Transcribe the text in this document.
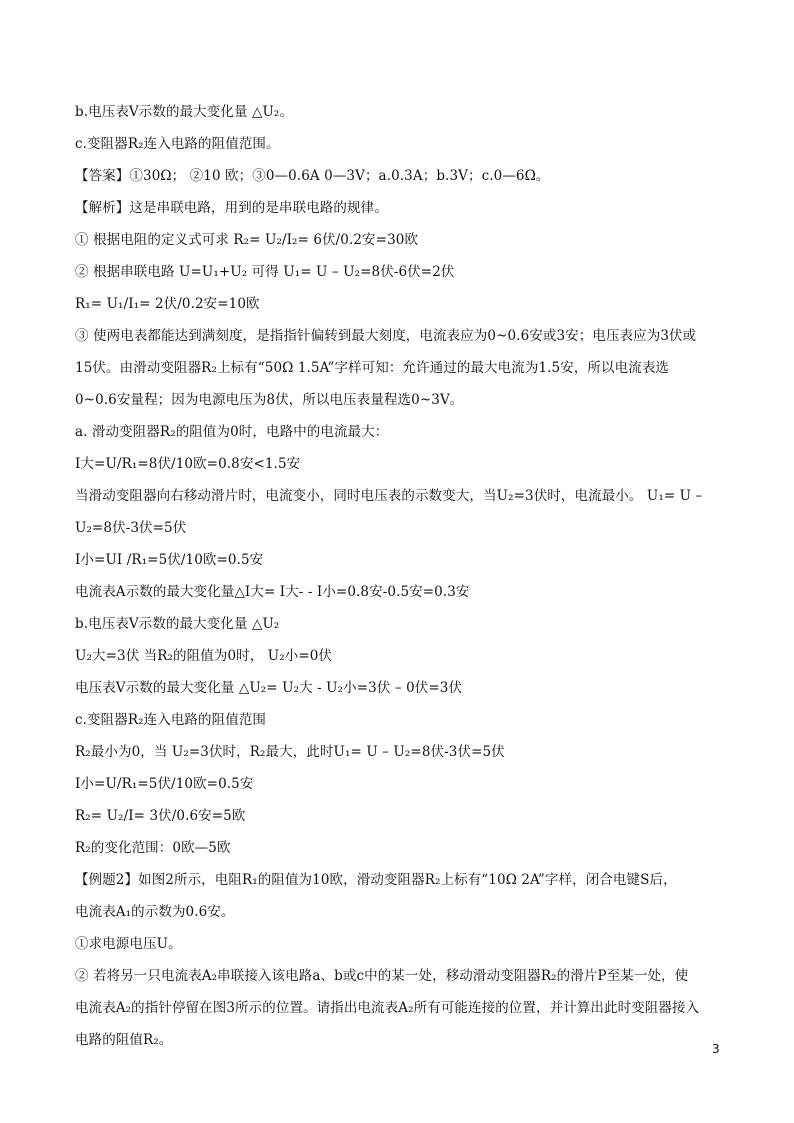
b.电压表V示数的最大变化量 △U₂。
c.变阻器R₂连入电路的阻值范围。
【答案】①30Ω； ②10 欧；③0—0.6A 0—3V；a.0.3A；b.3V；c.0—6Ω。
【解析】这是串联电路，用到的是串联电路的规律。
① 根据电阻的定义式可求 R₂= U₂/I₂= 6伏/0.2安=30欧
② 根据串联电路 U=U₁+U₂ 可得 U₁= U – U₂=8伏-6伏=2伏
R₁= U₁/I₁= 2伏/0.2安=10欧
③ 使两电表都能达到满刻度，是指指针偏转到最大刻度，电流表应为0~0.6安或3安；电压表应为3伏或
15伏。由滑动变阻器R₂上标有“50Ω 1.5A”字样可知：允许通过的最大电流为1.5安，所以电流表选
0~0.6安量程；因为电源电压为8伏，所以电压表量程选0~3V。
a. 滑动变阻器R₂的阻值为0时，电路中的电流最大：
I大=U/R₁=8伏/10欧=0.8安<1.5安
当滑动变阻器向右移动滑片时，电流变小，同时电压表的示数变大，当U₂=3伏时，电流最小。 U₁= U –
U₂=8伏-3伏=5伏
I小=UI /R₁=5伏/10欧=0.5安
电流表A示数的最大变化量△I大= I大- - I小=0.8安-0.5安=0.3安
b.电压表V示数的最大变化量 △U₂
U₂大=3伏 当R₂的阻值为0时， U₂小=0伏
电压表V示数的最大变化量 △U₂= U₂大 - U₂小=3伏 – 0伏=3伏
c.变阻器R₂连入电路的阻值范围
R₂最小为0，当 U₂=3伏时，R₂最大，此时U₁= U – U₂=8伏-3伏=5伏
I小=U/R₁=5伏/10欧=0.5安
R₂= U₂/I= 3伏/0.6安=5欧
R₂的变化范围：0欧—5欧
【例题2】如图2所示，电阻R₁的阻值为10欧，滑动变阻器R₂上标有“10Ω 2A”字样，闭合电键S后，
电流表A₁的示数为0.6安。
①求电源电压U。
② 若将另一只电流表A₂串联接入该电路a、b或c中的某一处，移动滑动变阻器R₂的滑片P至某一处，使
电流表A₂的指针停留在图3所示的位置。请指出电流表A₂所有可能连接的位置，并计算出此时变阻器接入
电路的阻值R₂。
3
